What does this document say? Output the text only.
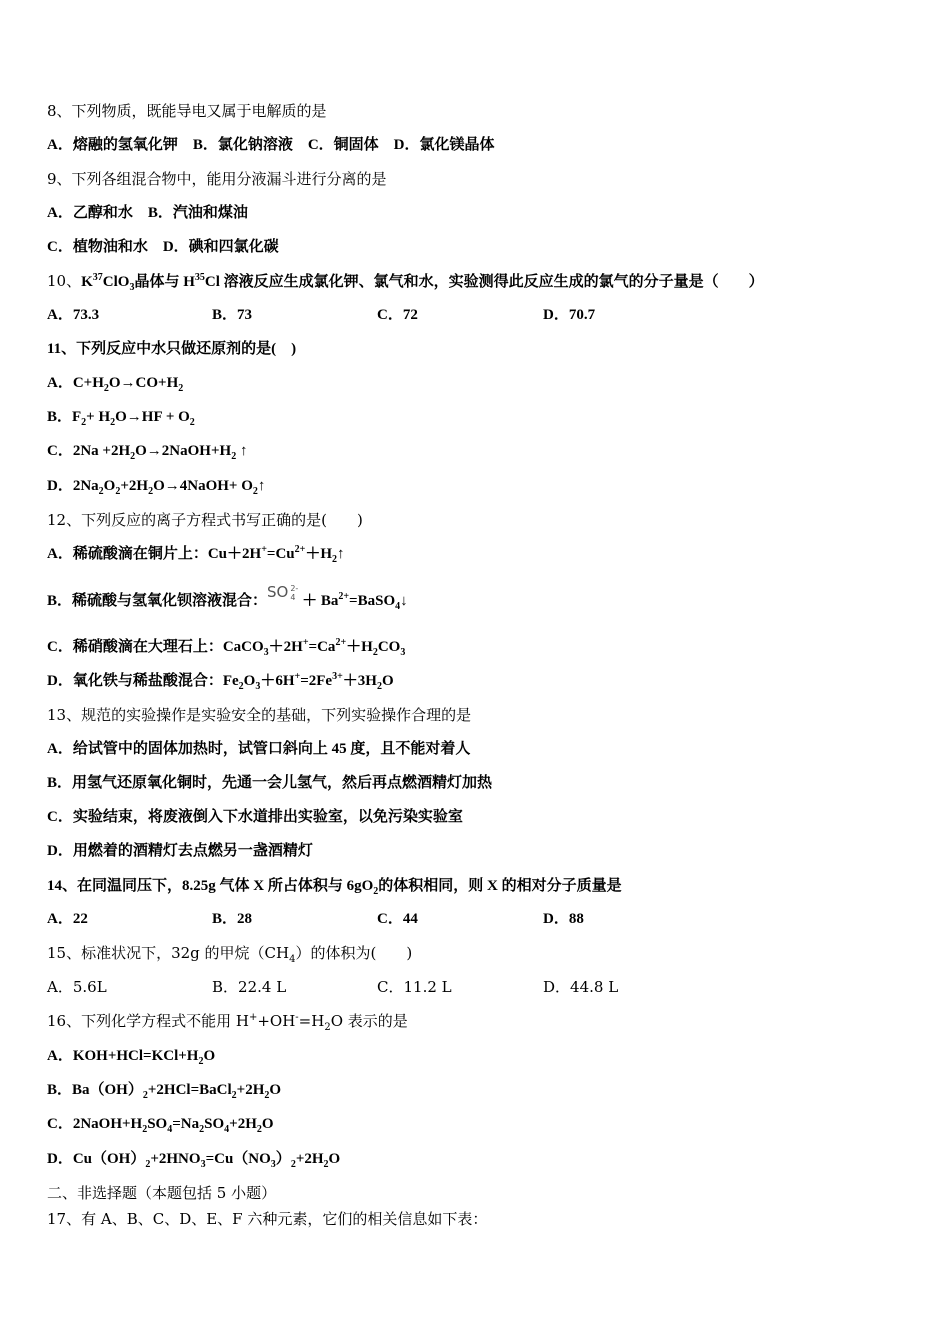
8、下列物质，既能导电又属于电解质的是
A．熔融的氢氧化钾　B．氯化钠溶液　C．铜固体　D．氯化镁晶体
9、下列各组混合物中，能用分液漏斗进行分离的是
A．乙醇和水　B．汽油和煤油
C．植物油和水　D．碘和四氯化碳
10、$K^{37}ClO_3$晶体与 $H^{35}Cl$ 溶液反应生成氯化钾、氯气和水，实验测得此反应生成的氯气的分子量是（　　）
A．73.3	B．73	C．72	D．70.7
11、下列反应中水只做还原剂的是(　)
A．$C+H_2O\to CO+H_2$
B．$F_2+ H_2O\to HF + O_2$
C．$2Na +2H_2O\to 2NaOH+H_2$ ↑
D．$2Na_2O_2+2H_2O\to 4NaOH+$ $O_2↑$
12、下列反应的离子方程式书写正确的是(　　)
A．稀硫酸滴在铜片上：$Cu+2H^+=Cu^{2+}+H_2↑$
B．稀硫酸与氢氧化钡溶液混合：SO 2-
$4 + Ba^{2+}=BaSO_4↓$
C．稀硝酸滴在大理石上：$CaCO_3+2H^+=Ca^{2+}+H_2CO_3$
D．氧化铁与稀盐酸混合：$Fe_2O_3+6H^+=2Fe^{3+}+3H_2O$
13、规范的实验操作是实验安全的基础，下列实验操作合理的是
A．给试管中的固体加热时，试管口斜向上 45 度，且不能对着人
B．用氢气还原氧化铜时，先通一会儿氢气，然后再点燃酒精灯加热
C．实验结束，将废液倒入下水道排出实验室，以免污染实验室
D．用燃着的酒精灯去点燃另一盏酒精灯
14、在同温同压下，8.25g 气体 X 所占体积与 $6gO_2$的体积相同，则 X 的相对分子质量是
A．22	B．28	C．44	D．88
15、标准状况下，32g 的甲烷$(CH_4)$的体积为(　　)
A．5.6L	B．22.4 L	C．11.2 L	D．44.8 L
16、下列化学方程式不能用 $H^++OH^-=H_2O$ 表示的是
A．$KOH+HCl=KCl+H_2O$
B．$Ba(OH)_2+2HCl=BaCl_2+2H_2O$
C．$2NaOH+H_2SO_4=Na_2SO_4+2H_2O$
D．$Cu(OH)_2+2HNO_3=Cu(NO_3)_2+2H_2O$
二、非选择题（本题包括 5 小题）
17、有 A、B、C、D、E、F 六种元素，它们的相关信息如下表：
